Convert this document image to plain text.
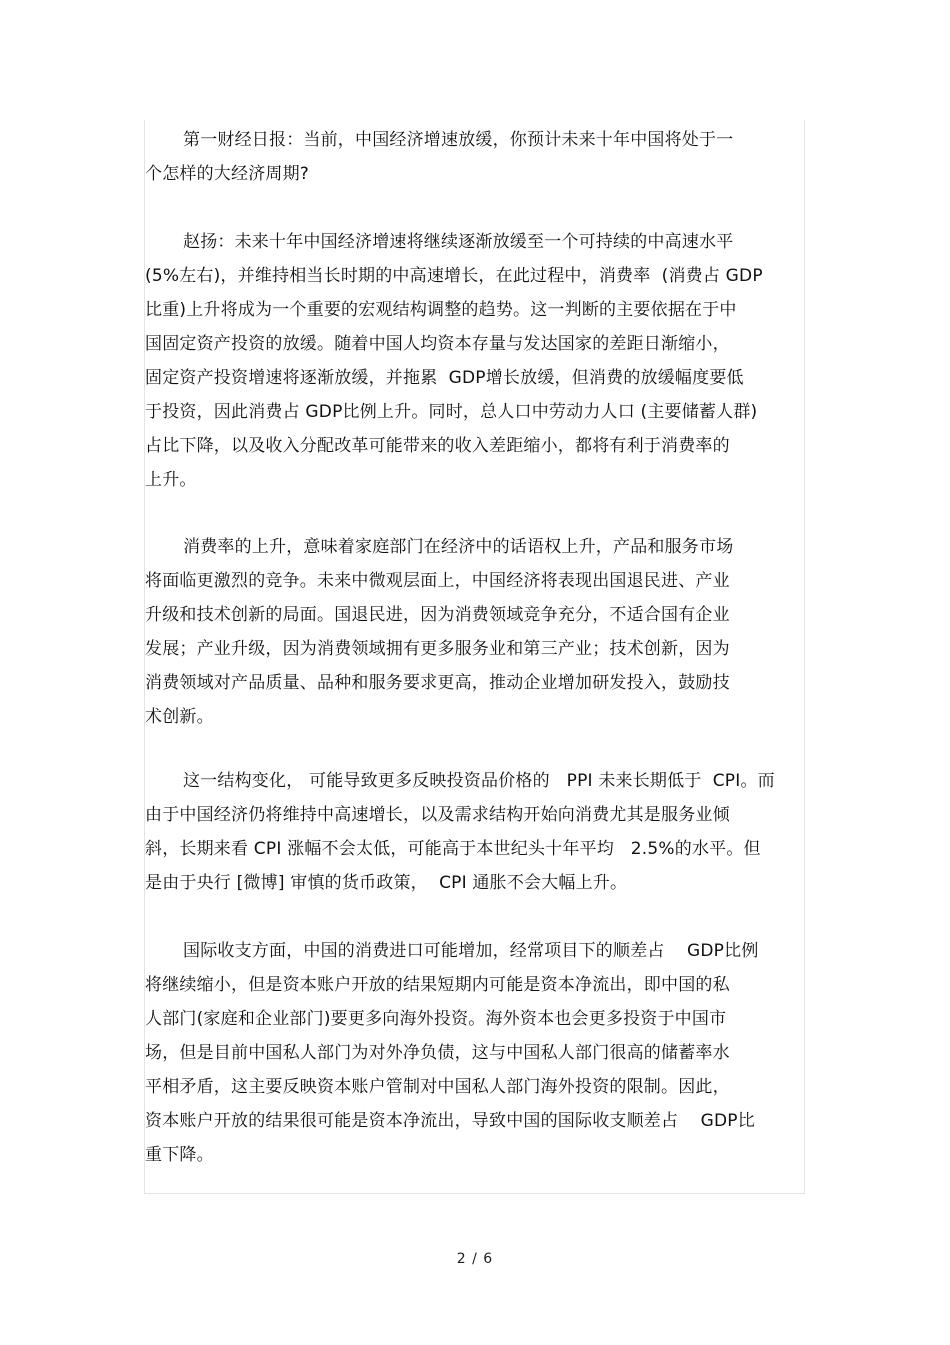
第一财经日报：当前，中国经济增速放缓，你预计未来十年中国将处于一
个怎样的大经济周期?
赵扬：未来十年中国经济增速将继续逐渐放缓至一个可持续的中高速水平
(5%左右)，并维持相当长时期的中高速增长，在此过程中，消费率  (消费占 GDP
比重)上升将成为一个重要的宏观结构调整的趋势。这一判断的主要依据在于中
国固定资产投资的放缓。随着中国人均资本存量与发达国家的差距日渐缩小，
固定资产投资增速将逐渐放缓，并拖累  GDP增长放缓，但消费的放缓幅度要低
于投资，因此消费占 GDP比例上升。同时，总人口中劳动力人口 (主要储蓄人群)
占比下降，以及收入分配改革可能带来的收入差距缩小，都将有利于消费率的
上升。
消费率的上升，意味着家庭部门在经济中的话语权上升，产品和服务市场
将面临更激烈的竞争。未来中微观层面上，中国经济将表现出国退民进、产业
升级和技术创新的局面。国退民进，因为消费领域竞争充分，不适合国有企业
发展；产业升级，因为消费领域拥有更多服务业和第三产业；技术创新，因为
消费领域对产品质量、品种和服务要求更高，推动企业增加研发投入，鼓励技
术创新。
这一结构变化， 可能导致更多反映投资品价格的   PPI 未来长期低于  CPI。而
由于中国经济仍将维持中高速增长，以及需求结构开始向消费尤其是服务业倾
斜，长期来看 CPI 涨幅不会太低，可能高于本世纪头十年平均   2.5%的水平。但
是由于央行 [微博] 审慎的货币政策，  CPI 通胀不会大幅上升。
国际收支方面，中国的消费进口可能增加，经常项目下的顺差占    GDP比例
将继续缩小，但是资本账户开放的结果短期内可能是资本净流出，即中国的私
人部门(家庭和企业部门)要更多向海外投资。海外资本也会更多投资于中国市
场，但是目前中国私人部门为对外净负债，这与中国私人部门很高的储蓄率水
平相矛盾，这主要反映资本账户管制对中国私人部门海外投资的限制。因此，
资本账户开放的结果很可能是资本净流出，导致中国的国际收支顺差占    GDP比
重下降。
2 / 6
